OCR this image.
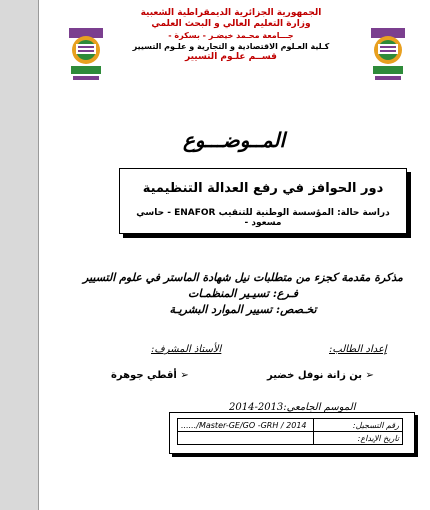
الجمهورية الجزائرية الديمقراطية الشعبية
وزارة التعليم العالي و البحث العلمي
جـــامعة محـمد خيضـر - بسكرة -
كـلية العـلوم الاقتصادية و التجارية و علـوم التسيير
قســم علـوم التسيير
المــوضـــوع
دور الحوافز في رفع العدالة التنظيمية
دراسة حالة: المؤسسة الوطنية للتنقيب ENAFOR - حاسي مسعود -
مذكرة مقدمة كجزء من متطلبات نيل شهادة الماستر في علوم التسيير
فـرع: تسيـير المنظمـات
تخـصص: تسيير الموارد البشريـة
إعداد الطالب:
الأستاذ المشرف:
➢ بن زانة نوفل خضير
➢ أقطي جوهرة
الموسم الجامعي:2013-2014
رقم التسجيل:	....../Master-GE/GO -GRH / 2014
تاريخ الإيداع:	
